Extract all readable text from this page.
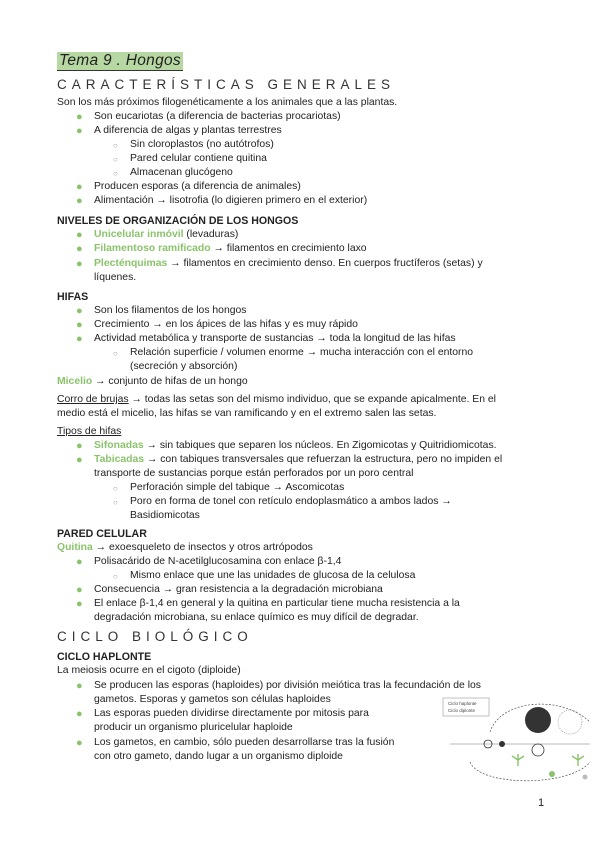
Tema 9 . Hongos
CARACTERÍSTICAS GENERALES
Son los más próximos filogenéticamente a los animales que a las plantas.
● Son eucariotas (a diferencia de bacterias procariotas)
● A diferencia de algas y plantas terrestres
○ Sin cloroplastos (no autótrofos)
○ Pared celular contiene quitina
○ Almacenan glucógeno
● Producen esporas (a diferencia de animales)
● Alimentación → lisotrofia (lo digieren primero en el exterior)
NIVELES DE ORGANIZACIÓN DE LOS HONGOS
● Unicelular inmóvil (levaduras)
● Filamentoso ramificado → filamentos en crecimiento laxo
● Plecténquimas → filamentos en crecimiento denso. En cuerpos fructíferos (setas) y
líquenes.
HIFAS
● Son los filamentos de los hongos
● Crecimiento → en los ápices de las hifas y es muy rápido
● Actividad metabólica y transporte de sustancias → toda la longitud de las hifas
○ Relación superficie / volumen enorme → mucha interacción con el entorno
(secreción y absorción)
Micelio → conjunto de hifas de un hongo
Corro de brujas → todas las setas son del mismo individuo, que se expande apicalmente. En el
medio está el micelio, las hifas se van ramificando y en el extremo salen las setas.
Tipos de hifas
● Sifonadas → sin tabiques que separen los núcleos. En Zigomicotas y Quitridiomicotas.
● Tabicadas → con tabiques transversales que refuerzan la estructura, pero no impiden el
transporte de sustancias porque están perforados por un poro central
○ Perforación simple del tabique → Ascomicotas
○ Poro en forma de tonel con retículo endoplasmático a ambos lados →
Basidiomicotas
PARED CELULAR
Quitina → exoesqueleto de insectos y otros artrópodos
● Polisacárido de N-acetilglucosamina con enlace β-1,4
○ Mismo enlace que une las unidades de glucosa de la celulosa
● Consecuencia → gran resistencia a la degradación microbiana
● El enlace β-1,4 en general y la quitina en particular tiene mucha resistencia a la
degradación microbiana, su enlace químico es muy difícil de degradar.
CICLO BIOLÓGICO
CICLO HAPLONTE
La meiosis ocurre en el cigoto (diploide)
● Se producen las esporas (haploides) por división meiótica tras la fecundación de los
gametos. Esporas y gametos son células haploides
● Las esporas pueden dividirse directamente por mitosis para
producir un organismo pluricelular haploide
● Los gametos, en cambio, sólo pueden desarrollarse tras la fusión
con otro gameto, dando lugar a un organismo diploide
Ciclo haplonte
Ciclo diplonte
1
